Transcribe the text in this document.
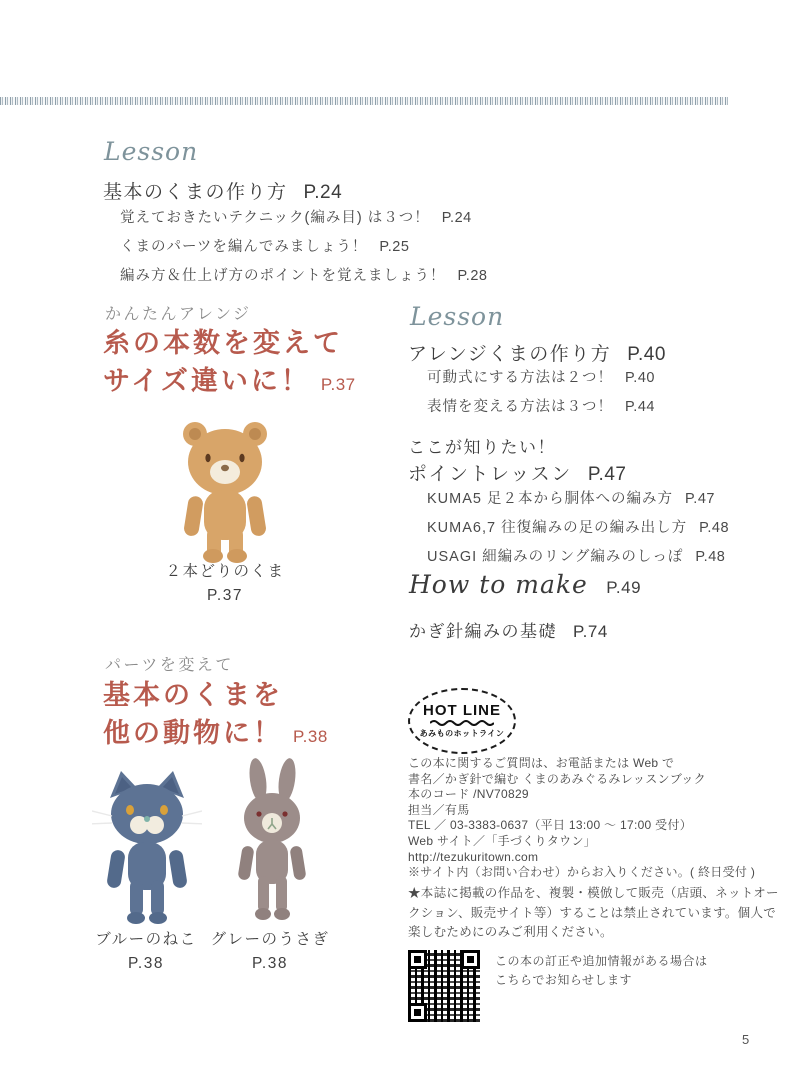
Lesson
基本のくまの作り方 P.24
覚えておきたいテクニック(編み目) は３つ！ P.24
くまのパーツを編んでみましょう！ P.25
編み方＆仕上げ方のポイントを覚えましょう！ P.28
かんたんアレンジ
糸の本数を変えて
サイズ違いに！ P.37
２本どりのくま
P.37
パーツを変えて
基本のくまを
他の動物に！ P.38
ブルーのねこ
P.38
グレーのうさぎ
P.38
Lesson
アレンジくまの作り方 P.40
可動式にする方法は２つ！ P.40
表情を変える方法は３つ！ P.44
ここが知りたい！
ポイントレッスン P.47
KUMA5 足２本から胴体への編み方 P.47
KUMA6,7 往復編みの足の編み出し方 P.48
USAGI 細編みのリング編みのしっぽ P.48
How to make P.49
かぎ針編みの基礎 P.74
HOT LINE
あみものホットライン
この本に関するご質問は、お電話または Web で
書名／かぎ針で編む くまのあみぐるみレッスンブック
本のコード /NV70829
担当／有馬
TEL ／ 03-3383-0637（平日 13:00 ～ 17:00 受付）
Web サイト／「手づくりタウン」
http://tezukuritown.com
※サイト内（お問い合わせ）からお入りください。( 終日受付 )
★本誌に掲載の作品を、複製・模倣して販売（店頭、ネットオークション、販売サイト等）することは禁止されています。個人で楽しむためにのみご利用ください。
この本の訂正や追加情報がある場合は
こちらでお知らせします
5
